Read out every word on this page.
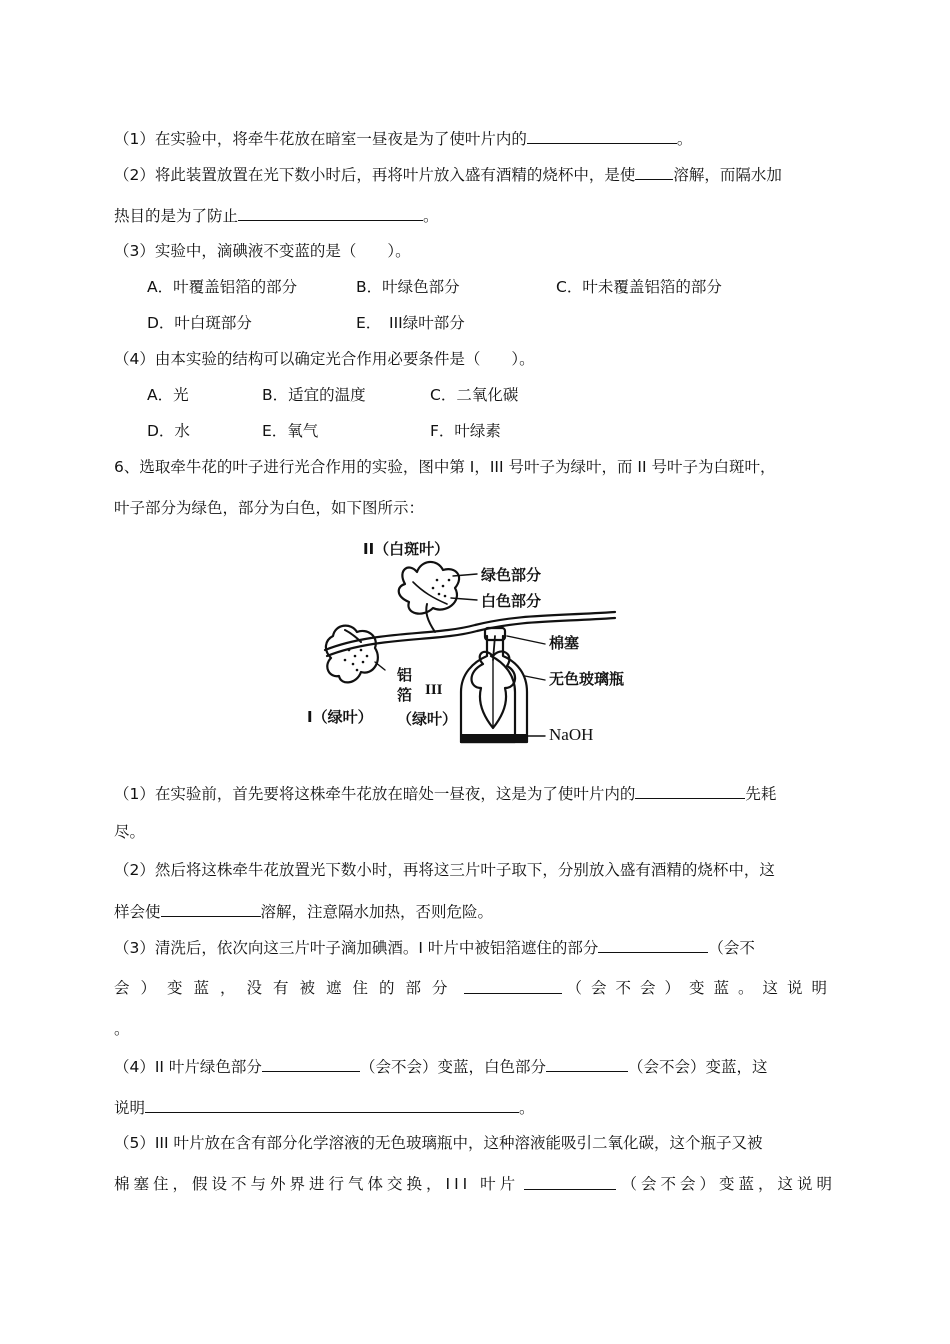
（1）在实验中，将牵牛花放在暗室一昼夜是为了使叶片内的	。
（2）将此装置放置在光下数小时后，再将叶片放入盛有酒精的烧杯中，是使 溶解，而隔水加
热目的是为了防止	。
（3）实验中，滴碘液不变蓝的是（　　）。
A．叶覆盖铝箔的部分	B．叶绿色部分	C．叶未覆盖铝箔的部分
D．叶白斑部分	E．　III绿叶部分
（4）由本实验的结构可以确定光合作用必要条件是（　　）。
A．光	B．适宜的温度	C．二氧化碳
D．水	E．氧气	F．叶绿素
6、选取牵牛花的叶子进行光合作用的实验，图中第 I，III 号叶子为绿叶，而 II 号叶子为白斑叶，
叶子部分为绿色，部分为白色，如下图所示：
II（白斑叶）
绿色部分
白色部分
棉塞
无色玻璃瓶
NaOH
铝
箔 III
（绿叶）
I（绿叶）
（1）在实验前，首先要将这株牵牛花放在暗处一昼夜，这是为了使叶片内的	先耗
尽。
（2）然后将这株牵牛花放置光下数小时，再将这三片叶子取下，分别放入盛有酒精的烧杯中，这
样会使	溶解，注意隔水加热，否则危险。
（3）清洗后，依次向这三片叶子滴加碘酒。I 叶片中被铝箔遮住的部分	（会不
会）变蓝，没有被遮住的部分	（会不会）变蓝。这说明
。
（4）II 叶片绿色部分	（会不会）变蓝，白色部分	（会不会）变蓝，这
说明	。
（5）III 叶片放在含有部分化学溶液的无色玻璃瓶中，这种溶液能吸引二氧化碳，这个瓶子又被
棉塞住，假设不与外界进行气体交换，III 叶片	（会不会）变蓝，这说明
